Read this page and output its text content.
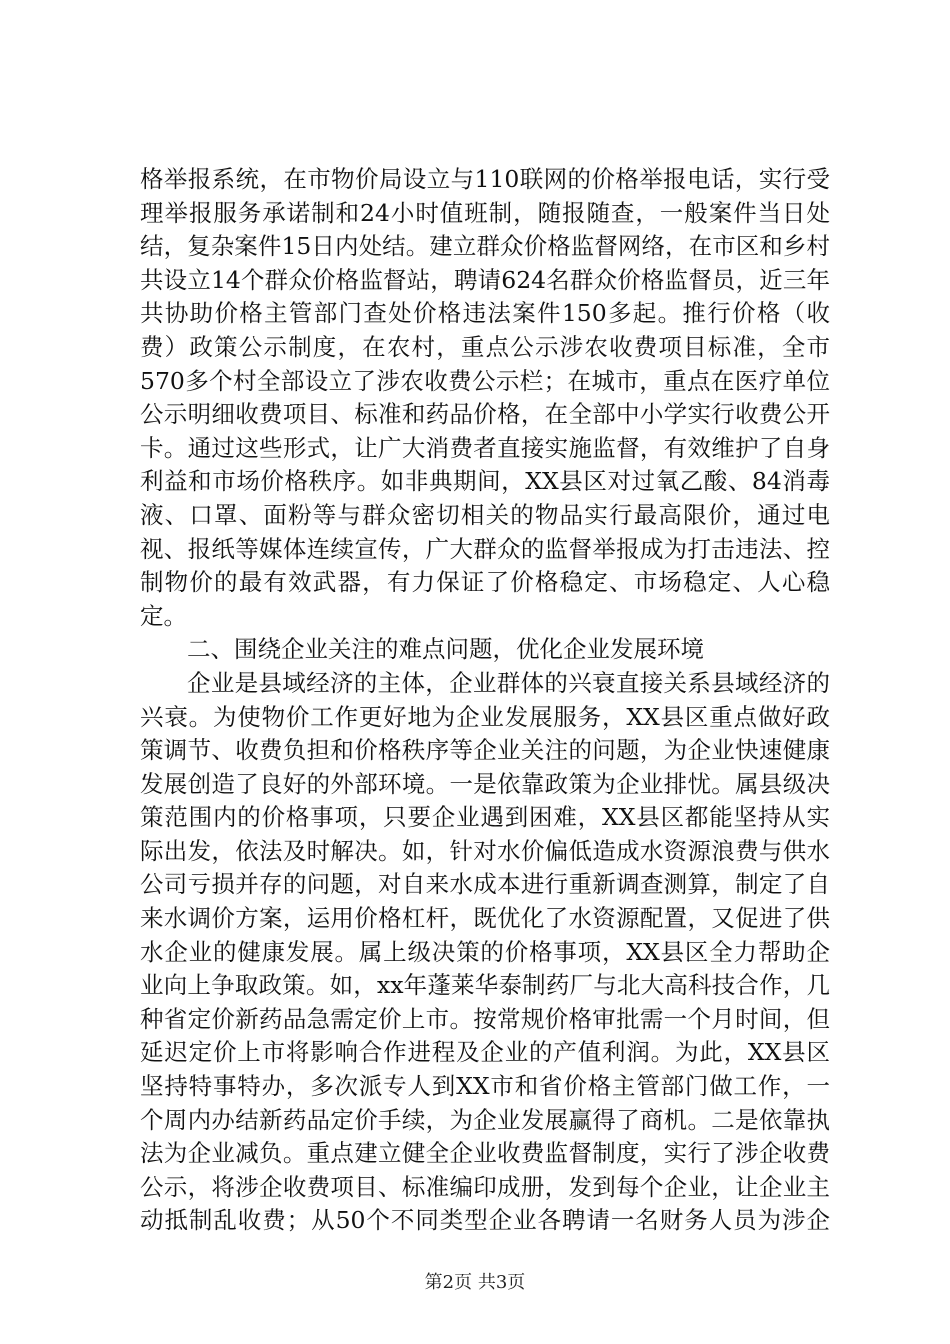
格举报系统，在市物价局设立与110联网的价格举报电话，实行受理举报服务承诺制和24小时值班制，随报随查，一般案件当日处结，复杂案件15日内处结。建立群众价格监督网络，在市区和乡村共设立14个群众价格监督站，聘请624名群众价格监督员，近三年共协助价格主管部门查处价格违法案件150多起。推行价格（收费）政策公示制度，在农村，重点公示涉农收费项目标准，全市570多个村全部设立了涉农收费公示栏；在城市，重点在医疗单位公示明细收费项目、标准和药品价格，在全部中小学实行收费公开卡。通过这些形式，让广大消费者直接实施监督，有效维护了自身利益和市场价格秩序。如非典期间，XX县区对过氧乙酸、84消毒液、口罩、面粉等与群众密切相关的物品实行最高限价，通过电视、报纸等媒体连续宣传，广大群众的监督举报成为打击违法、控制物价的最有效武器，有力保证了价格稳定、市场稳定、人心稳定。

二、围绕企业关注的难点问题，优化企业发展环境

企业是县域经济的主体，企业群体的兴衰直接关系县域经济的兴衰。为使物价工作更好地为企业发展服务，XX县区重点做好政策调节、收费负担和价格秩序等企业关注的问题，为企业快速健康发展创造了良好的外部环境。一是依靠政策为企业排忧。属县级决策范围内的价格事项，只要企业遇到困难，XX县区都能坚持从实际出发，依法及时解决。如，针对水价偏低造成水资源浪费与供水公司亏损并存的问题，对自来水成本进行重新调查测算，制定了自来水调价方案，运用价格杠杆，既优化了水资源配置，又促进了供水企业的健康发展。属上级决策的价格事项，XX县区全力帮助企业向上争取政策。如，xx年蓬莱华泰制药厂与北大高科技合作，几种省定价新药品急需定价上市。按常规价格审批需一个月时间，但延迟定价上市将影响合作进程及企业的产值利润。为此，XX县区坚持特事特办，多次派专人到XX市和省价格主管部门做工作，一个周内办结新药品定价手续，为企业发展赢得了商机。二是依靠执法为企业减负。重点建立健全企业收费监督制度，实行了涉企收费公示，将涉企收费项目、标准编印成册，发到每个企业，让企业主动抵制乱收费；从50个不同类型企业各聘请一名财务人员为涉企

第2页 共3页
